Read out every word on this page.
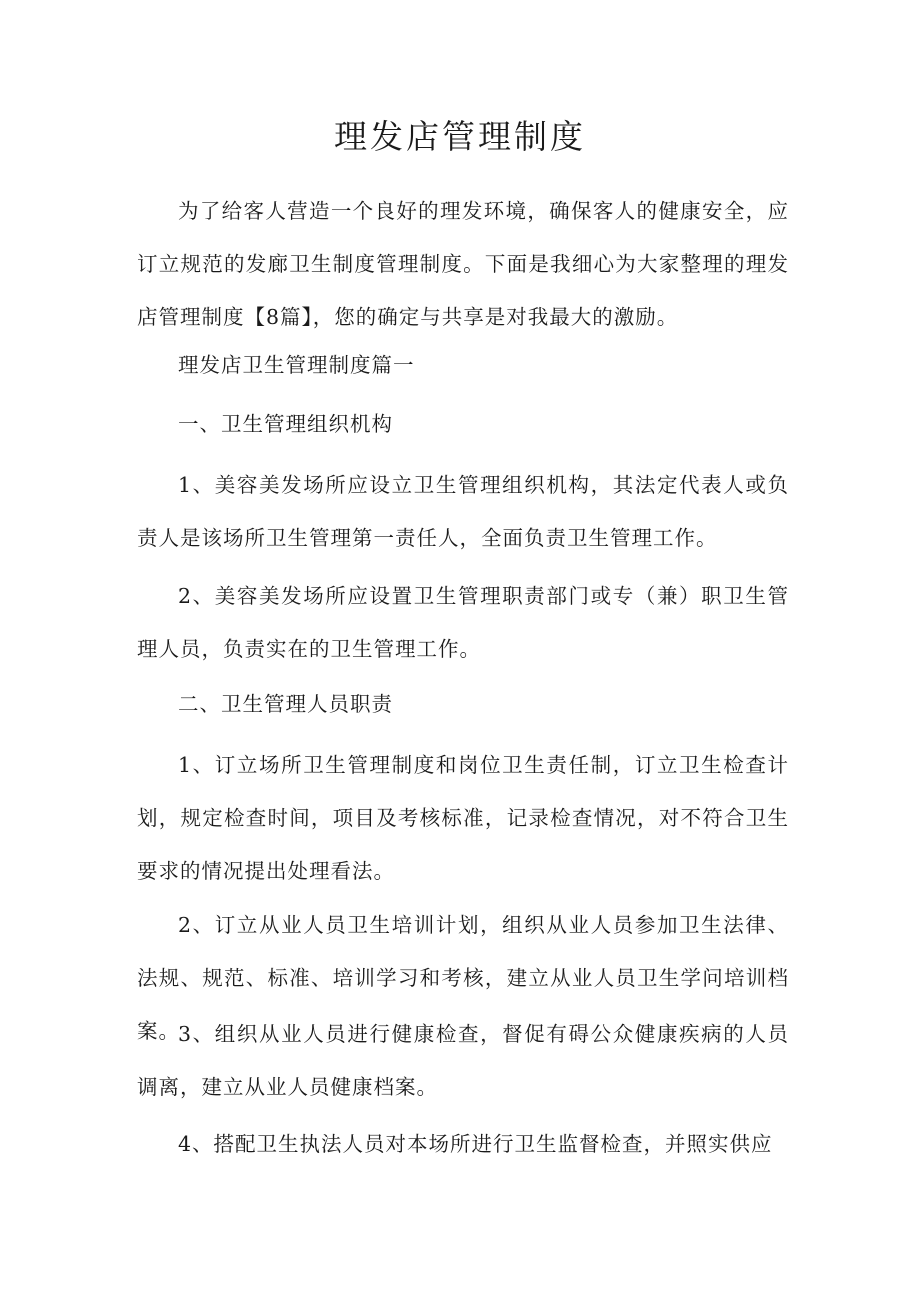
理发店管理制度

为了给客人营造一个良好的理发环境，确保客人的健康安全，应订立规范的发廊卫生制度管理制度。下面是我细心为大家整理的理发店管理制度【8篇】，您的确定与共享是对我最大的激励。

理发店卫生管理制度篇一

一、卫生管理组织机构

1、美容美发场所应设立卫生管理组织机构，其法定代表人或负责人是该场所卫生管理第一责任人，全面负责卫生管理工作。

2、美容美发场所应设置卫生管理职责部门或专（兼）职卫生管理人员，负责实在的卫生管理工作。

二、卫生管理人员职责

1、订立场所卫生管理制度和岗位卫生责任制，订立卫生检查计划，规定检查时间，项目及考核标准，记录检查情况，对不符合卫生要求的情况提出处理看法。

2、订立从业人员卫生培训计划，组织从业人员参加卫生法律、法规、规范、标准、培训学习和考核，建立从业人员卫生学问培训档案。

3、组织从业人员进行健康检查，督促有碍公众健康疾病的人员调离，建立从业人员健康档案。

4、搭配卫生执法人员对本场所进行卫生监督检查，并照实供应
